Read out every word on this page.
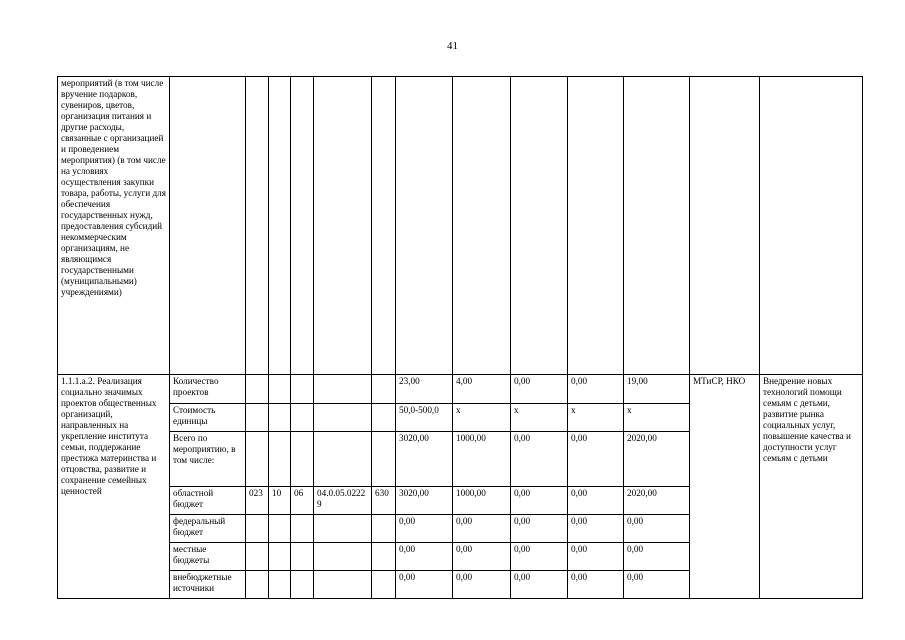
41
мероприятий (в том числе вручение подарков, сувениров, цветов, организация питания и другие расходы, связанные с организацией и проведением мероприятия) (в том числе на условиях осуществления закупки товара, работы, услуги для обеспечения государственных нужд, предоставления субсидий некоммерческим организациям, не являющимся государственными (муниципальными) учреждениями)													
1.1.1.а.2. Реализация социально значимых проектов общественных организаций, направленных на укрепление института семьи, поддержание престижа материнства и отцовства, развитие и сохранение семейных ценностей	Количество проектов						23,00	4,00	0,00	0,00	19,00	МТиСР, НКО	Внедрение новых технологий помощи семьям с детьми, развитие рынка социальных услуг, повышение качества и доступности услуг семьям с детьми
	Стоимость единицы						50,0-500,0	х	х	х	х		
	Всего по мероприятию, в том числе:						3020,00	1000,00	0,00	0,00	2020,00		
	областной бюджет	023	10	06	04.0.05.02229	630	3020,00	1000,00	0,00	0,00	2020,00		
	федеральный бюджет						0,00	0,00	0,00	0,00	0,00		
	местные бюджеты						0,00	0,00	0,00	0,00	0,00		
	внебюджетные источники						0,00	0,00	0,00	0,00	0,00		
